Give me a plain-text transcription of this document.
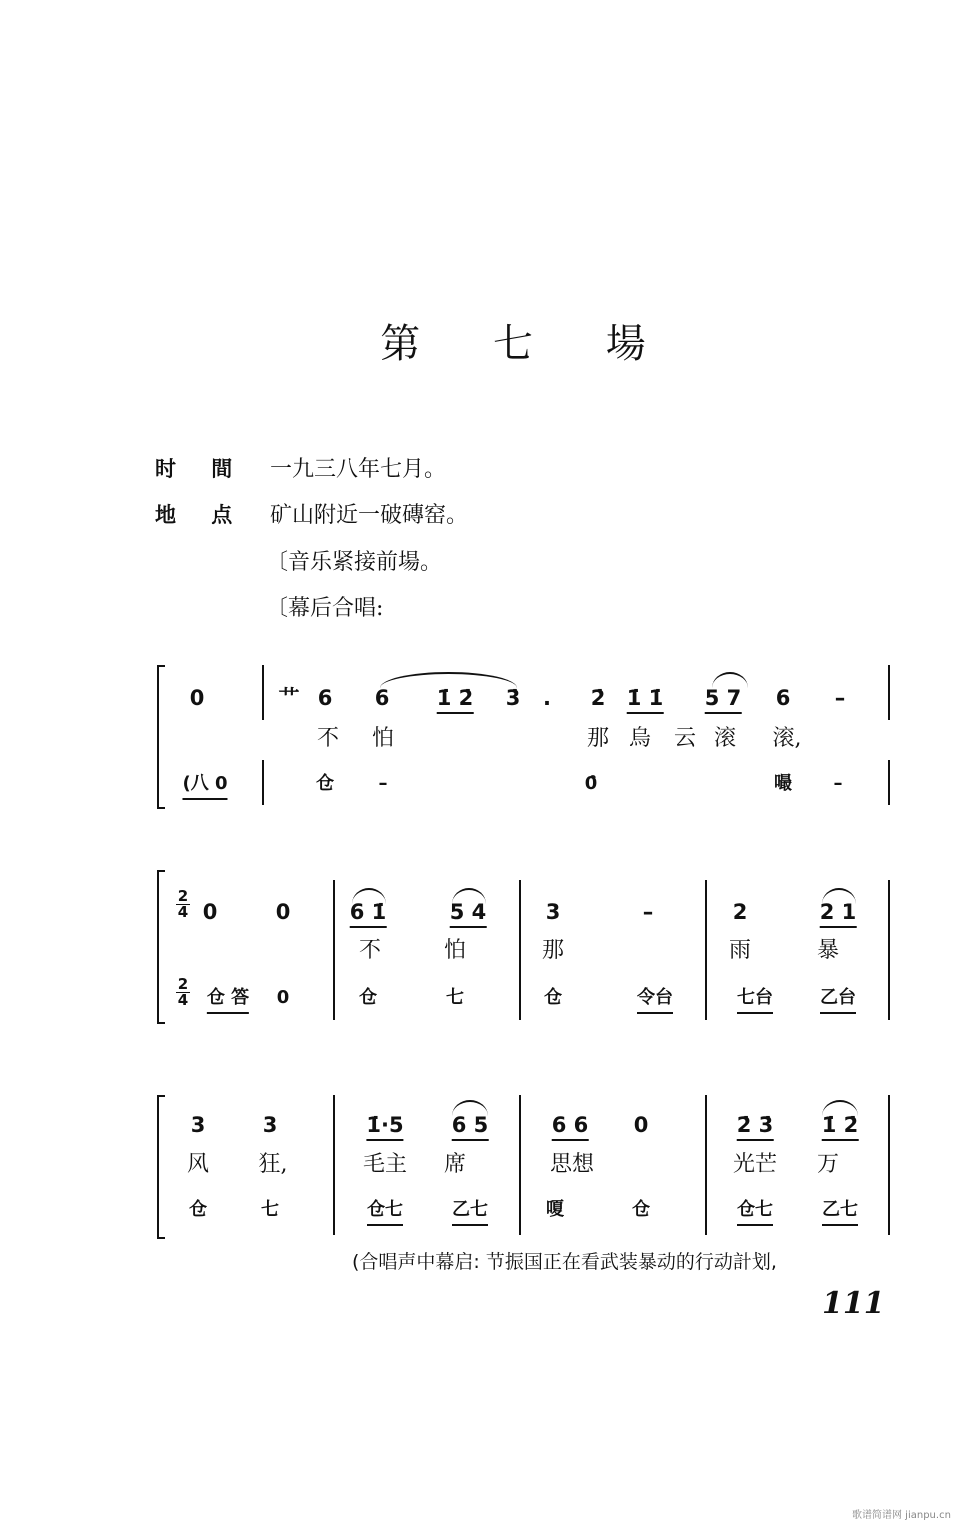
第 七 場
时 間 一九三八年七月。
地 点 矿山附近一破磚窑。
〔音乐紧接前場。
〔幕后合唱:
0	艹 6 6 1̇ 2̇ 3̇ . 2̇ 1̇ 1̇ 5 7 6 –
不 怕	那 烏 云 滚 滚,
(八 0	仓 –	0̑	嘬 –
0	0	6 1̇	5 4	3	–	2	2 1
不	怕	那	雨	暴
仓 答 0	仓	七	仓	令台	七台	乙台
2
4
2
4
3	3	1̇·5 6 5	6 6 0	2̇ 3̇ 1̇ 2̇
风 狂,	毛主 席	思想	光芒 万
仓	七	仓七	乙七	嗄	仓	仓七	乙七
(合唱声中幕启: 节振国正在看武装暴动的行动計划,
111
歌谱简谱网 jianpu.cn
